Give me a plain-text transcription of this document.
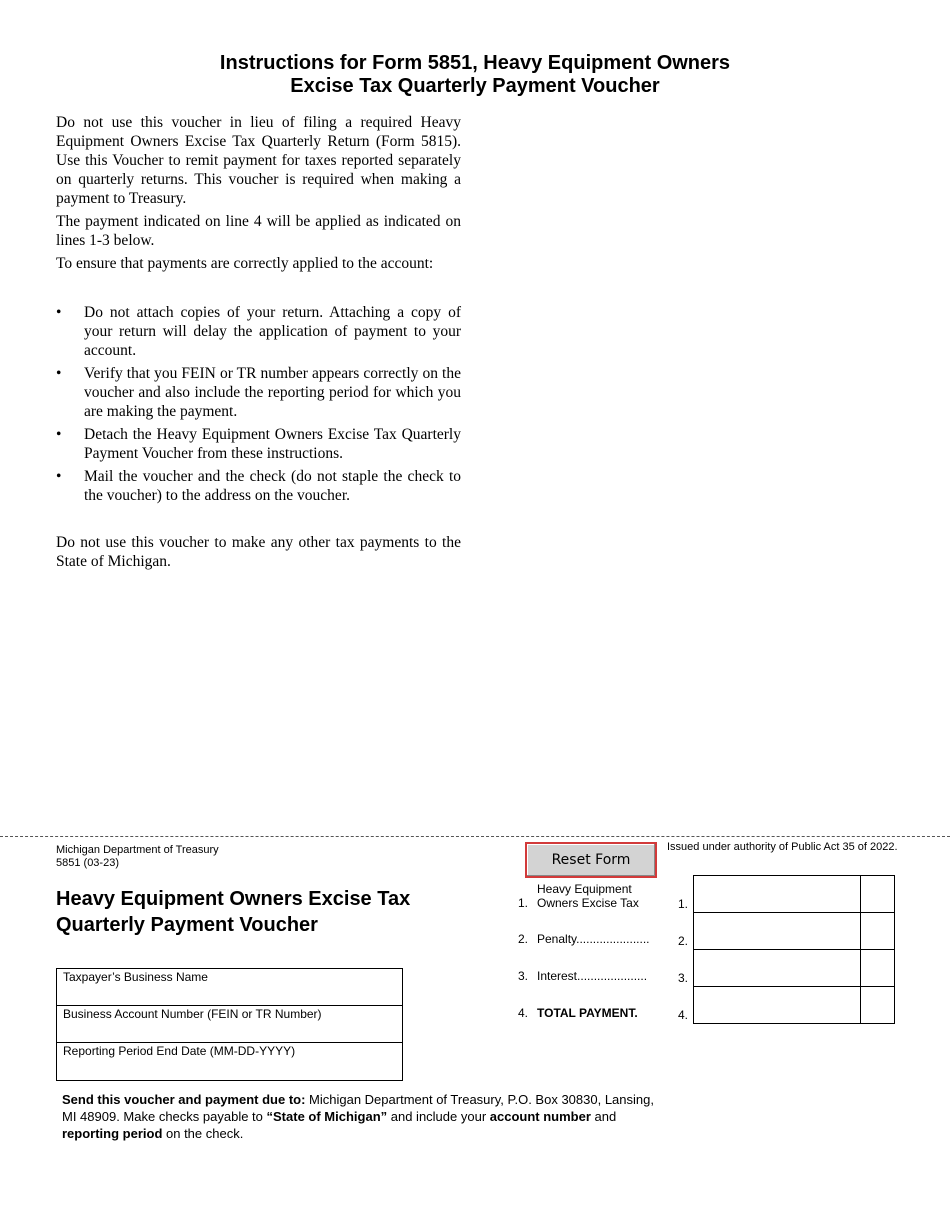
Instructions for Form 5851, Heavy Equipment Owners
Excise Tax Quarterly Payment Voucher

Do not use this voucher in lieu of filing a required Heavy Equipment Owners Excise Tax Quarterly Return (Form 5815). Use this Voucher to remit payment for taxes reported separately on quarterly returns. This voucher is required when making a payment to Treasury.

The payment indicated on line 4 will be applied as indicated on lines 1-3 below.

To ensure that payments are correctly applied to the account:

• Do not attach copies of your return. Attaching a copy of your return will delay the application of payment to your account.
• Verify that you FEIN or TR number appears correctly on the voucher and also include the reporting period for which you are making the payment.
• Detach the Heavy Equipment Owners Excise Tax Quarterly Payment Voucher from these instructions.
• Mail the voucher and the check (do not staple the check to the voucher) to the address on the voucher.

Do not use this voucher to make any other tax payments to the State of Michigan.

Michigan Department of Treasury
5851 (03-23)	Reset Form
Issued under authority of Public Act 35 of 2022.
Heavy Equipment Owners Excise Tax
Quarterly Payment Voucher
Taxpayer’s Business Name
Business Account Number (FEIN or TR Number)
Reporting Period End Date (MM-DD-YYYY)
1.
Heavy Equipment Owners Excise Tax
2. Penalty......................
3. Interest.....................
4. TOTAL PAYMENT.
1.
2.
3.
4.
Send this voucher and payment due to: Michigan Department of Treasury, P.O. Box 30830, Lansing, MI 48909. Make checks payable to “State of Michigan” and include your account number and reporting period on the check.
